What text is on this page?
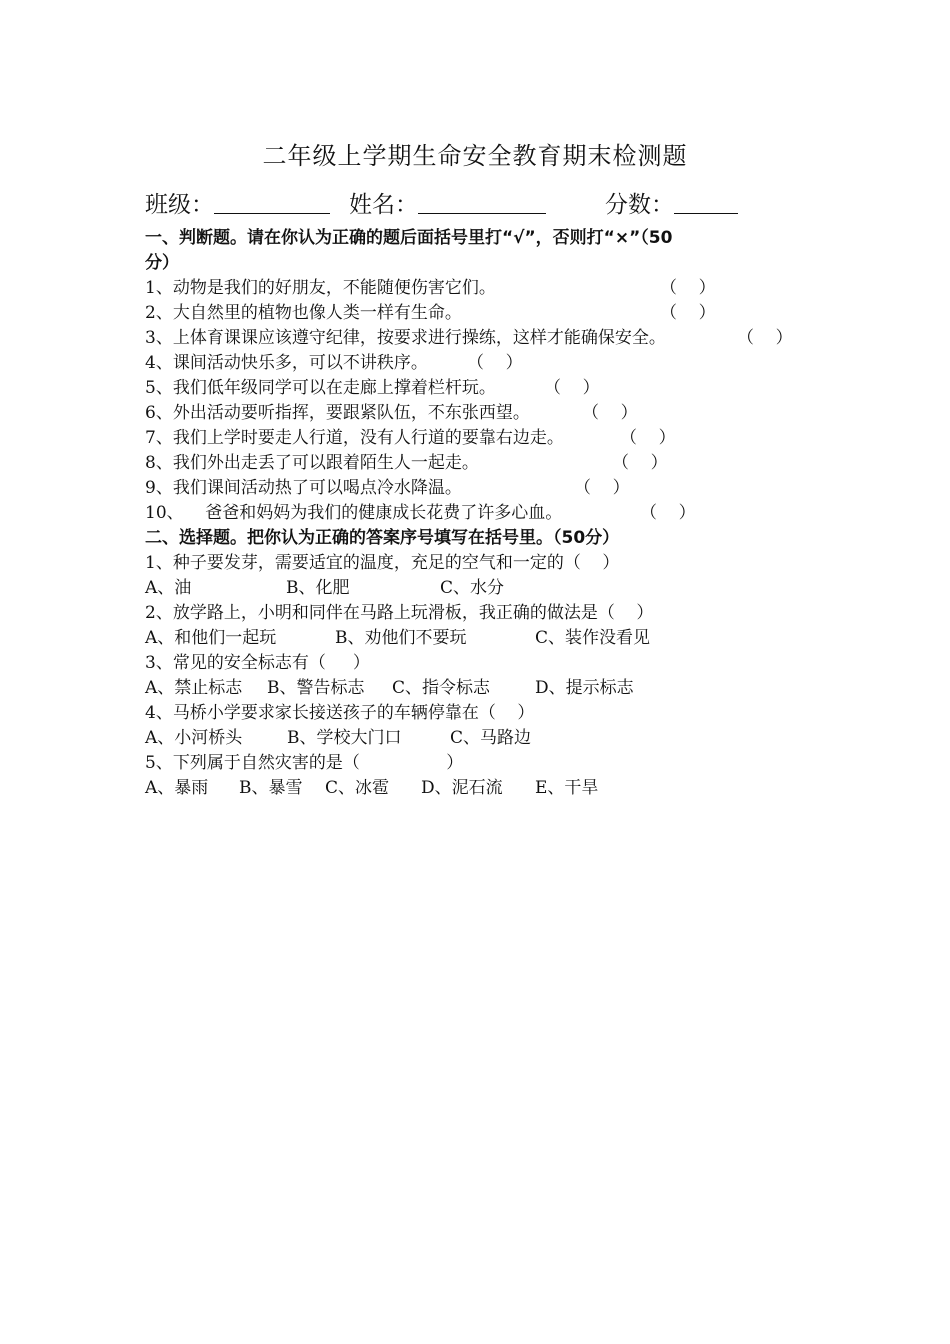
二年级上学期生命安全教育期末检测题
班级：	姓名：	分数：
一、判断题。请在你认为正确的题后面括号里打“√”，否则打“×”（50
分）
1、动物是我们的好朋友，不能随便伤害它们。	（    ）
2、大自然里的植物也像人类一样有生命。	（    ）
3、上体育课课应该遵守纪律，按要求进行操练，这样才能确保安全。	（    ）
4、课间活动快乐多，可以不讲秩序。 （    ）
5、我们低年级同学可以在走廊上撑着栏杆玩。	（    ）
6、外出活动要听指挥，要跟紧队伍，不东张西望。	（    ）
7、我们上学时要走人行道，没有人行道的要靠右边走。	（    ）
8、我们外出走丢了可以跟着陌生人一起走。	（    ）
9、我们课间活动热了可以喝点冷水降温。	（    ）
10、    爸爸和妈妈为我们的健康成长花费了许多心血。	（    ）
二、选择题。把你认为正确的答案序号填写在括号里。（50分）
1、种子要发芽，需要适宜的温度，充足的空气和一定的（    ）

A、油

	B、化肥

	C、水分

2、放学路上，小明和同伴在马路上玩滑板，我正确的做法是（    ）

A、和他们一起玩

	B、劝他们不要玩

	C、装作没看见

3、常见的安全标志有（     ）

A、禁止标志

B、警告标志

C、指令标志

	D、提示标志

4、马桥小学要求家长接送孩子的车辆停靠在（    ）

A、小河桥头

	B、学校大门口

	C、马路边

5、下列属于自然灾害的是（                ）

A、暴雨

B、暴雪

C、冰雹

D、泥石流

E、干旱
